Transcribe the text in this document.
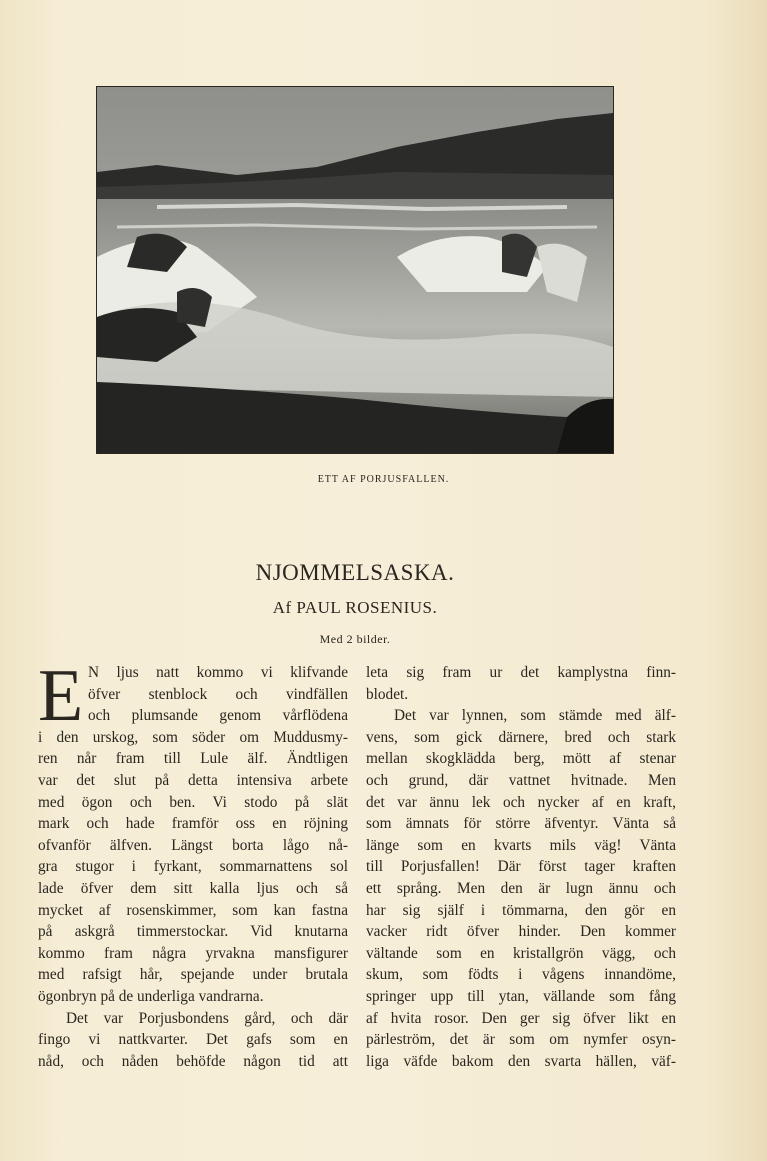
ETT AF PORJUSFALLEN.
NJOMMELSASKA.
Af PAUL ROSENIUS.
Med 2 bilder.
E N ljus natt kommo vi klifvande
öfver stenblock och vindfällen
och plumsande genom vårflödena
i den urskog, som söder om Muddusmy-
ren når fram till Lule älf. Ändtligen
var det slut på detta intensiva arbete
med ögon och ben. Vi stodo på slät
mark och hade framför oss en röjning
ofvanför älfven. Längst borta lågo nå-
gra stugor i fyrkant, sommarnattens sol
lade öfver dem sitt kalla ljus och så
mycket af rosenskimmer, som kan fastna
på askgrå timmerstockar. Vid knutarna
kommo fram några yrvakna mansfigurer
med rafsigt hår, spejande under brutala
ögonbryn på de underliga vandrarna.
Det var Porjusbondens gård, och där
fingo vi nattkvarter. Det gafs som en
nåd, och nåden behöfde någon tid att
leta sig fram ur det kamplystna finn-
blodet.
Det var lynnen, som stämde med älf-
vens, som gick därnere, bred och stark
mellan skogklädda berg, mött af stenar
och grund, där vattnet hvitnade. Men
det var ännu lek och nycker af en kraft,
som ämnats för större äfventyr. Vänta så
länge som en kvarts mils väg! Vänta
till Porjusfallen! Där först tager kraften
ett språng. Men den är lugn ännu och
har sig själf i tömmarna, den gör en
vacker ridt öfver hinder. Den kommer
vältande som en kristallgrön vägg, och
skum, som födts i vågens innandöme,
springer upp till ytan, vällande som fång
af hvita rosor. Den ger sig öfver likt en
pärleström, det är som om nymfer osyn-
liga väfde bakom den svarta hällen, väf-
